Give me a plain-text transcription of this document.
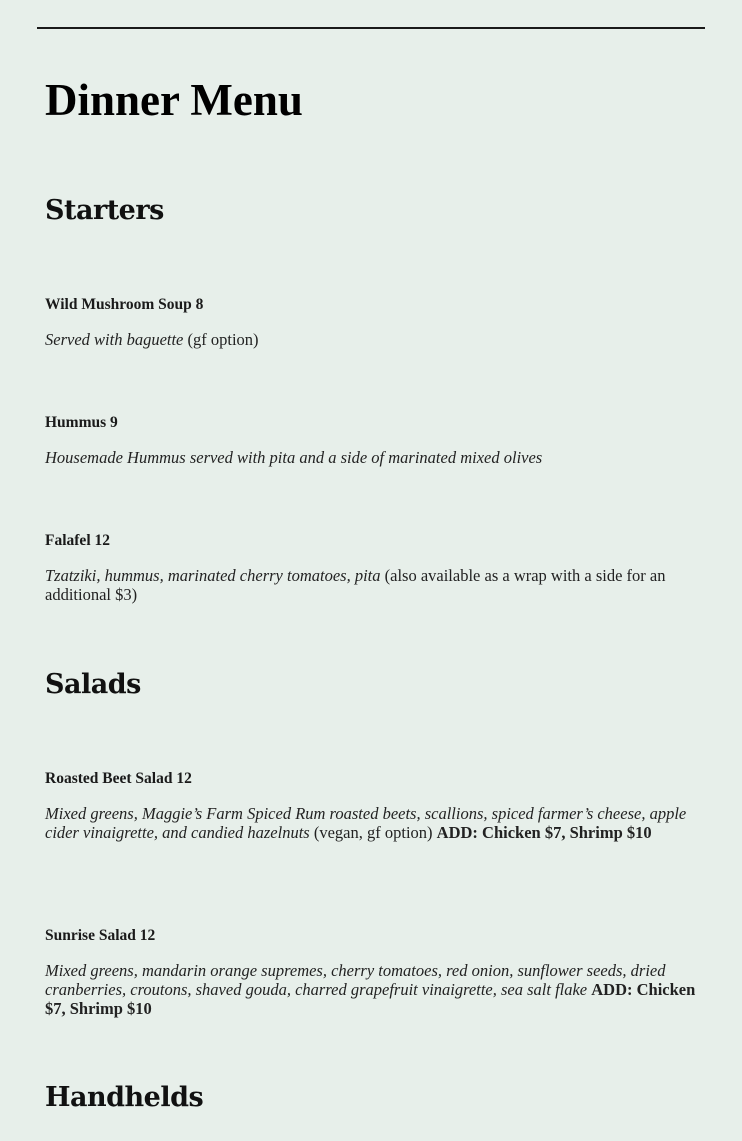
Dinner Menu
Starters
Wild Mushroom Soup 8

Served with baguette (gf option)

Hummus 9

Housemade Hummus served with pita and a side of marinated mixed olives

Falafel 12

Tzatziki, hummus, marinated cherry tomatoes, pita (also available as a wrap with a side for an additional $3)

Salads
Roasted Beet Salad 12

Mixed greens, Maggie’s Farm Spiced Rum roasted beets, scallions, spiced farmer’s cheese, apple cider vinaigrette, and candied hazelnuts (vegan, gf option) ADD: Chicken $7, Shrimp $10

Sunrise Salad 12

Mixed greens, mandarin orange supremes, cherry tomatoes, red onion, sunflower seeds, dried cranberries, croutons, shaved gouda, charred grapefruit vinaigrette, sea salt flake ADD: Chicken $7, Shrimp $10

Handhelds
